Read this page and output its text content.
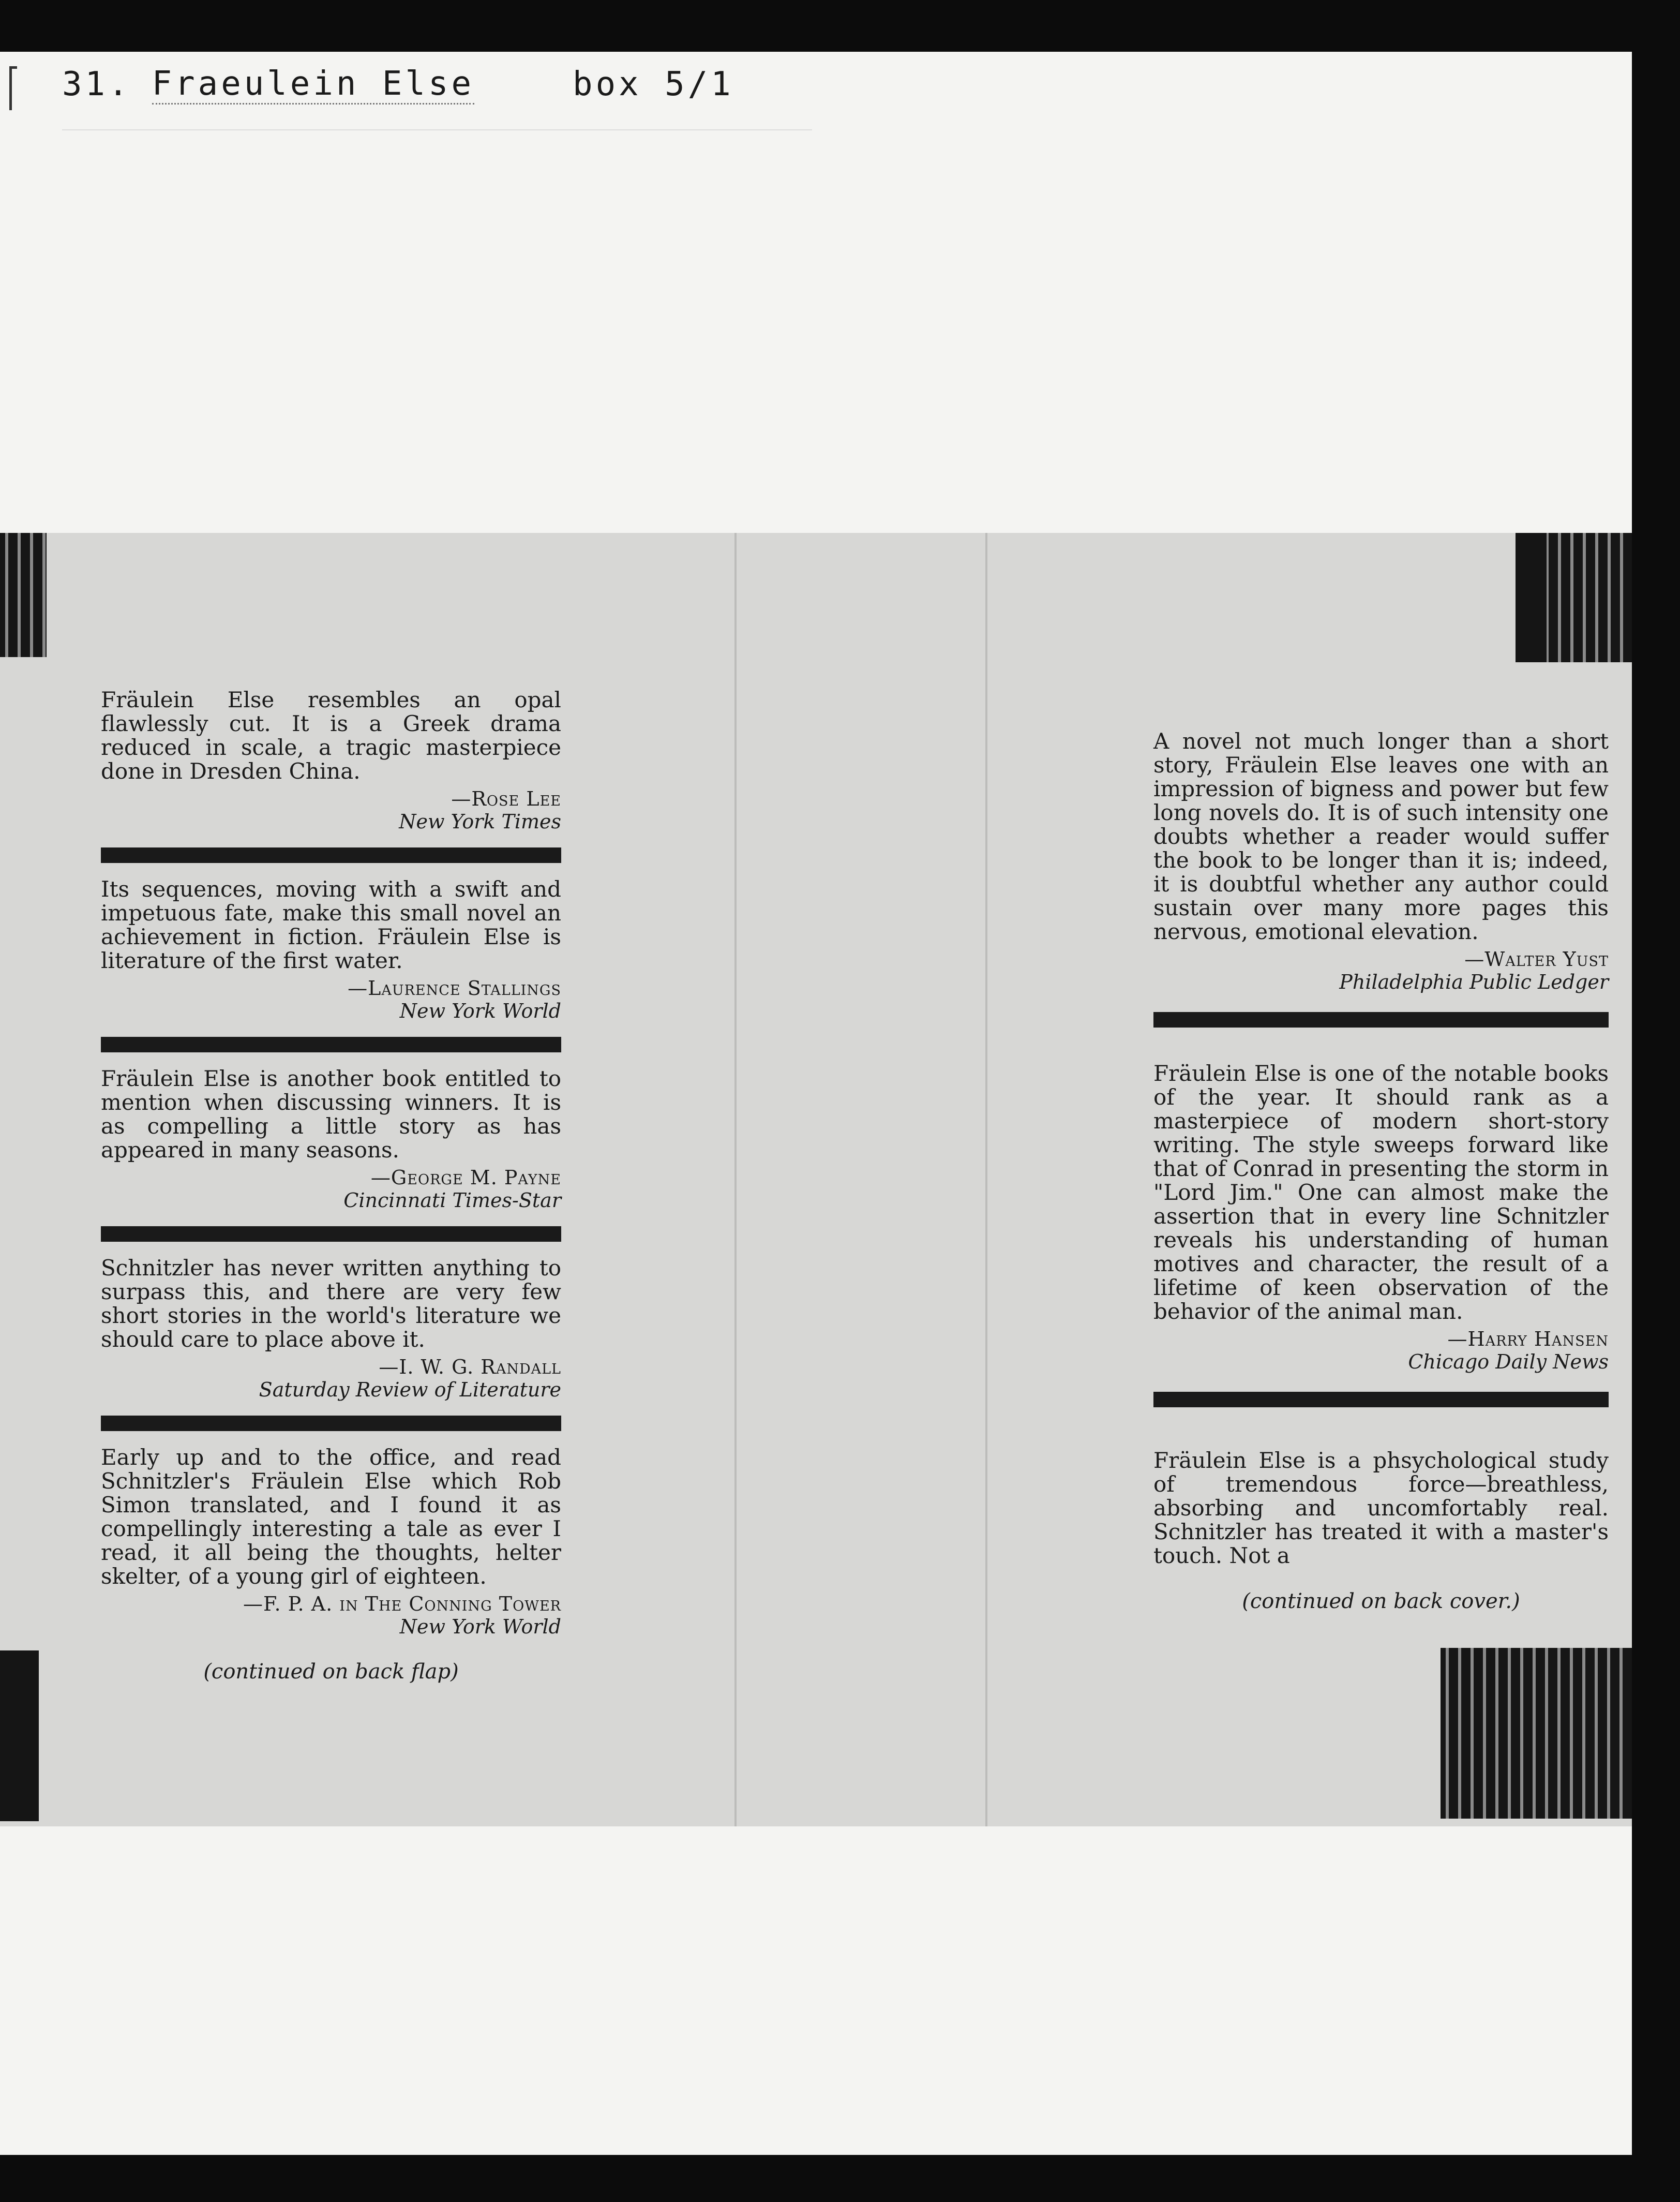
31. Fraeulein Else	box 5/1

Fräulein Else resembles an opal flawlessly cut. It is a Greek drama reduced in scale, a tragic masterpiece done in Dresden China.

—Rose Lee
New York Times

Its sequences, moving with a swift and impetuous fate, make this small novel an achievement in fiction. Fräulein Else is literature of the first water.

—Laurence Stallings
New York World

Fräulein Else is another book entitled to mention when discussing winners. It is as compelling a little story as has appeared in many seasons.

—George M. Payne
Cincinnati Times-Star

Schnitzler has never written anything to surpass this, and there are very few short stories in the world's literature we should care to place above it.

—I. W. G. Randall
Saturday Review of Literature

Early up and to the office, and read Schnitzler's Fräulein Else which Rob Simon translated, and I found it as compellingly interesting a tale as ever I read, it all being the thoughts, helter skelter, of a young girl of eighteen.

—F. P. A. in The Conning Tower
New York World
(continued on back flap)

A novel not much longer than a short story, Fräulein Else leaves one with an impression of bigness and power but few long novels do. It is of such intensity one doubts whether a reader would suffer the book to be longer than it is; indeed, it is doubtful whether any author could sustain over many more pages this nervous, emotional elevation.

—Walter Yust
Philadelphia Public Ledger

Fräulein Else is one of the notable books of the year. It should rank as a masterpiece of modern short-story writing. The style sweeps forward like that of Conrad in presenting the storm in "Lord Jim." One can almost make the assertion that in every line Schnitzler reveals his understanding of human motives and character, the result of a lifetime of keen observation of the behavior of the animal man.

—Harry Hansen
Chicago Daily News

Fräulein Else is a phsychological study of tremendous force—breathless, absorbing and uncomfortably real. Schnitzler has treated it with a master's touch. Not a

(continued on back cover.)
